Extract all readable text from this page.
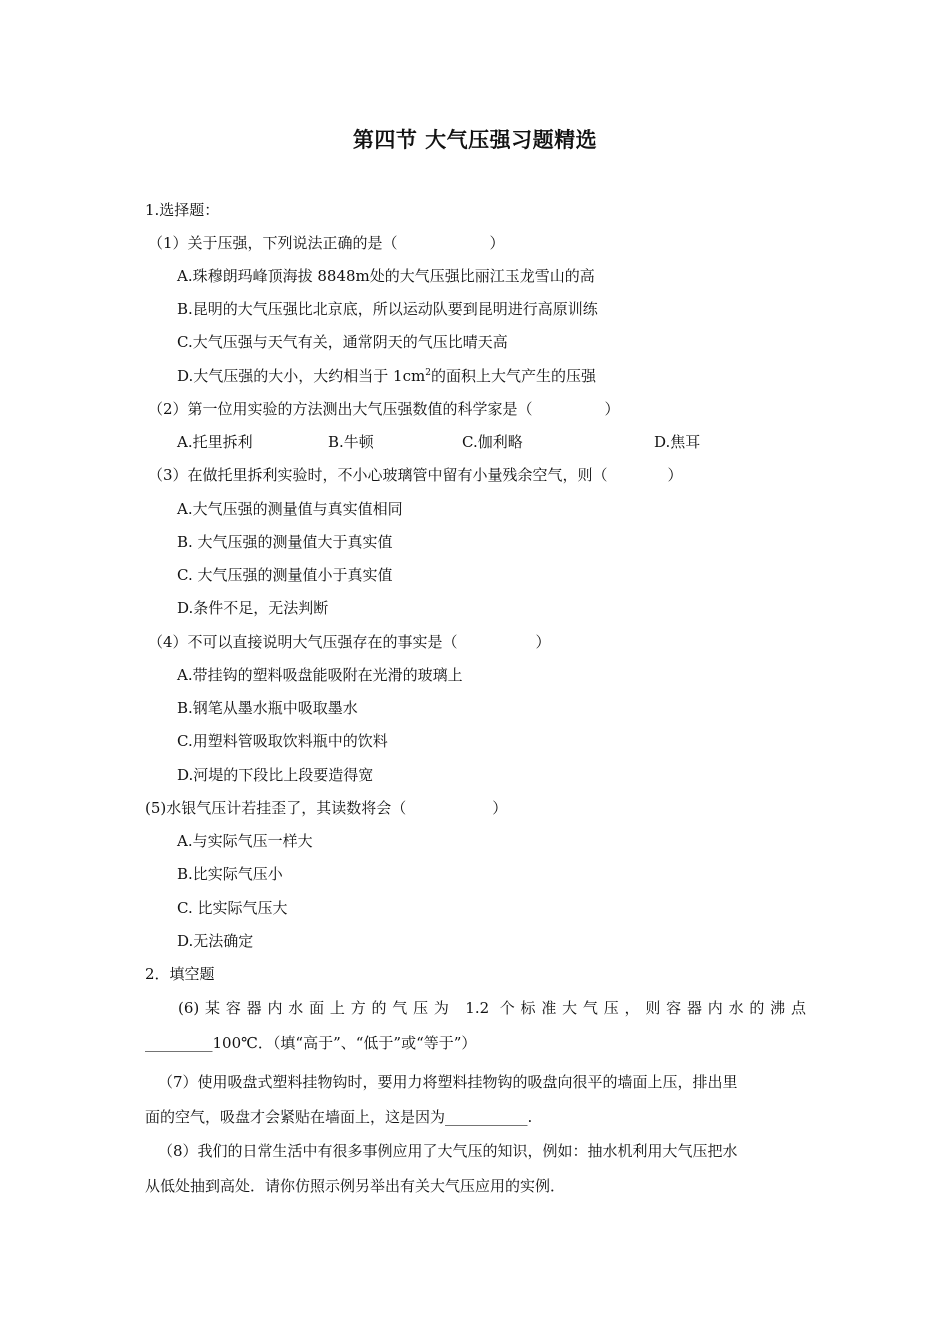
第四节 大气压强习题精选
1.选择题：
（1）关于压强，下列说法正确的是（	）
A.珠穆朗玛峰顶海拔 8848m处的大气压强比丽江玉龙雪山的高
B.昆明的大气压强比北京底，所以运动队要到昆明进行高原训练
C.大气压强与天气有关，通常阴天的气压比晴天高
D.大气压强的大小，大约相当于 $1cm^2$的面积上大气产生的压强
（2）第一位用实验的方法测出大气压强数值的科学家是（	）
A.托里拆利	B.牛顿	C.伽利略	D.焦耳
（3）在做托里拆利实验时，不小心玻璃管中留有小量残余空气，则（	）
A.大气压强的测量值与真实值相同
B. 大气压强的测量值大于真实值
C. 大气压强的测量值小于真实值
D.条件不足，无法判断
（4）不可以直接说明大气压强存在的事实是（	）
A.带挂钩的塑料吸盘能吸附在光滑的玻璃上
B.钢笔从墨水瓶中吸取墨水
C.用塑料管吸取饮料瓶中的饮料
D.河堤的下段比上段要造得宽
(5)水银气压计若挂歪了，其读数将会（	）
A.与实际气压一样大
B.比实际气压小
C. 比实际气压大
D.无法确定
2．填空题
(6)某容器内水面上方的气压为 1.2 个标准大气压，则容器内水的沸点
_________100℃．（填“高于”、“低于”或“等于”）
（7）使用吸盘式塑料挂物钩时，要用力将塑料挂物钩的吸盘向很平的墙面上压，排出里
面的空气，吸盘才会紧贴在墙面上，这是因为___________.
（8）我们的日常生活中有很多事例应用了大气压的知识，例如：抽水机利用大气压把水
从低处抽到高处．请你仿照示例另举出有关大气压应用的实例．
